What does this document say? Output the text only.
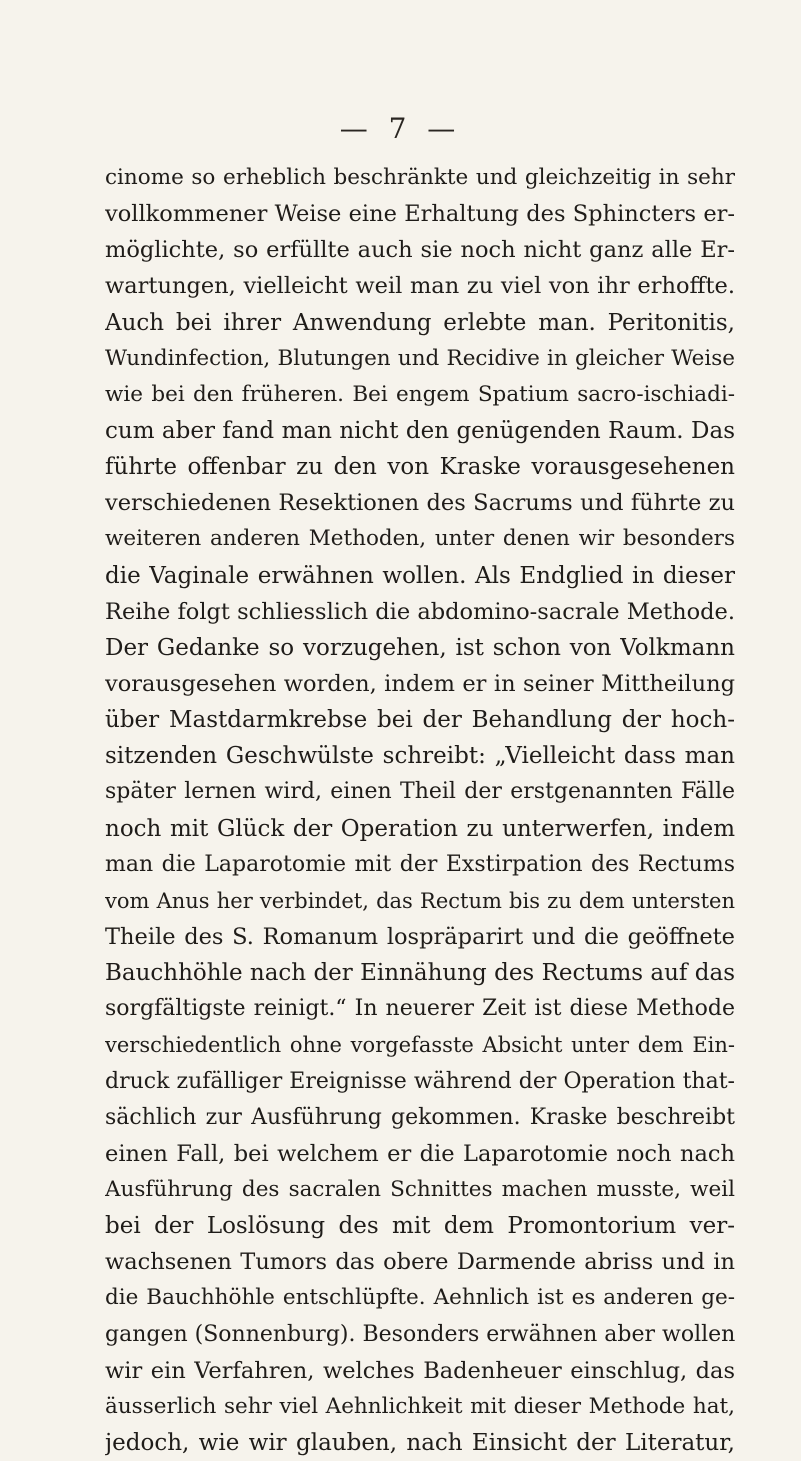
— 7 —
cinome so erheblich beschränkte und gleichzeitig in sehr
vollkommener Weise eine Erhaltung des Sphincters er-
möglichte, so erfüllte auch sie noch nicht ganz alle Er-
wartungen, vielleicht weil man zu viel von ihr erhoffte.
Auch bei ihrer Anwendung erlebte man. Peritonitis,
Wundinfection, Blutungen und Recidive in gleicher Weise
wie bei den früheren. Bei engem Spatium sacro-ischiadi-
cum aber fand man nicht den genügenden Raum. Das
führte offenbar zu den von Kraske vorausgesehenen
verschiedenen Resektionen des Sacrums und führte zu
weiteren anderen Methoden, unter denen wir besonders
die Vaginale erwähnen wollen. Als Endglied in dieser
Reihe folgt schliesslich die abdomino-sacrale Methode.
Der Gedanke so vorzugehen, ist schon von Volkmann
vorausgesehen worden, indem er in seiner Mittheilung
über Mastdarmkrebse bei der Behandlung der hoch-
sitzenden Geschwülste schreibt: „Vielleicht dass man
später lernen wird, einen Theil der erstgenannten Fälle
noch mit Glück der Operation zu unterwerfen, indem
man die Laparotomie mit der Exstirpation des Rectums
vom Anus her verbindet, das Rectum bis zu dem untersten
Theile des S. Romanum lospräparirt und die geöffnete
Bauchhöhle nach der Einnähung des Rectums auf das
sorgfältigste reinigt.“ In neuerer Zeit ist diese Methode
verschiedentlich ohne vorgefasste Absicht unter dem Ein-
druck zufälliger Ereignisse während der Operation that-
sächlich zur Ausführung gekommen. Kraske beschreibt
einen Fall, bei welchem er die Laparotomie noch nach
Ausführung des sacralen Schnittes machen musste, weil
bei der Loslösung des mit dem Promontorium ver-
wachsenen Tumors das obere Darmende abriss und in
die Bauchhöhle entschlüpfte. Aehnlich ist es anderen ge-
gangen (Sonnenburg). Besonders erwähnen aber wollen
wir ein Verfahren, welches Badenheuer einschlug, das
äusserlich sehr viel Aehnlichkeit mit dieser Methode hat,
jedoch, wie wir glauben, nach Einsicht der Literatur,
